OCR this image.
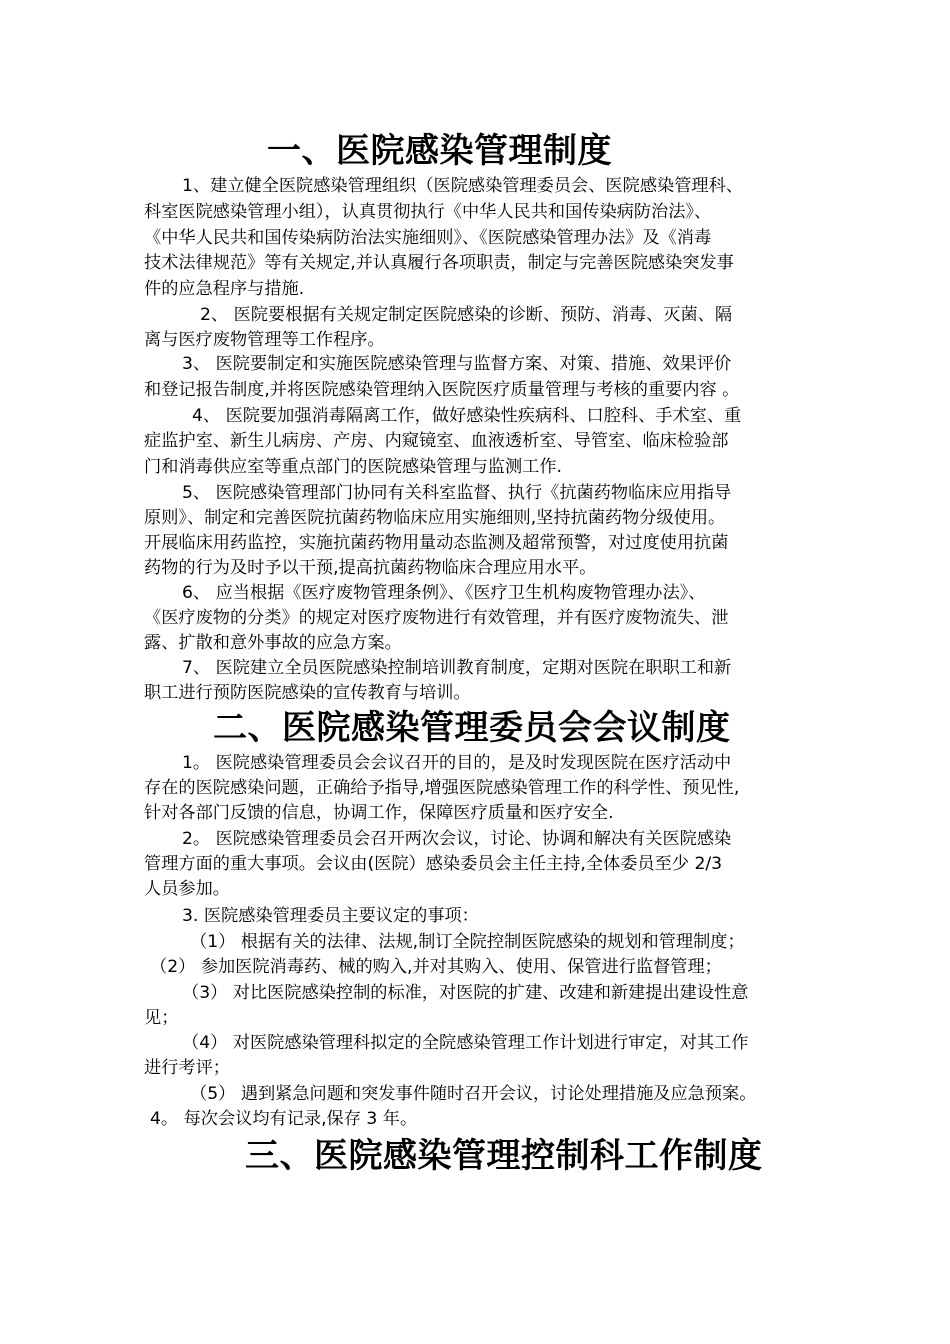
一、医院感染管理制度
1、建立健全医院感染管理组织（医院感染管理委员会、医院感染管理科、
科室医院感染管理小组），认真贯彻执行《中华人民共和国传染病防治法》、
《中华人民共和国传染病防治法实施细则》、《医院感染管理办法》及《消毒
技术法律规范》等有关规定,并认真履行各项职责，制定与完善医院感染突发事
件的应急程序与措施.
2、 医院要根据有关规定制定医院感染的诊断、预防、消毒、灭菌、隔
离与医疗废物管理等工作程序。
3、 医院要制定和实施医院感染管理与监督方案、对策、措施、效果评价
和登记报告制度,并将医院感染管理纳入医院医疗质量管理与考核的重要内容 。
4、 医院要加强消毒隔离工作，做好感染性疾病科、口腔科、手术室、重
症监护室、新生儿病房、产房、内窥镜室、血液透析室、导管室、临床检验部
门和消毒供应室等重点部门的医院感染管理与监测工作.
5、 医院感染管理部门协同有关科室监督、执行《抗菌药物临床应用指导
原则》、制定和完善医院抗菌药物临床应用实施细则,坚持抗菌药物分级使用。
开展临床用药监控，实施抗菌药物用量动态监测及超常预警，对过度使用抗菌
药物的行为及时予以干预,提高抗菌药物临床合理应用水平。
6、 应当根据《医疗废物管理条例》、《医疗卫生机构废物管理办法》、
《医疗废物的分类》的规定对医疗废物进行有效管理，并有医疗废物流失、泄
露、扩散和意外事故的应急方案。
7、 医院建立全员医院感染控制培训教育制度，定期对医院在职职工和新
职工进行预防医院感染的宣传教育与培训。
二、医院感染管理委员会会议制度
1。 医院感染管理委员会会议召开的目的，是及时发现医院在医疗活动中
存在的医院感染问题，正确给予指导,增强医院感染管理工作的科学性、预见性,
针对各部门反馈的信息，协调工作，保障医疗质量和医疗安全.
2。 医院感染管理委员会召开两次会议，讨论、协调和解决有关医院感染
管理方面的重大事项。会议由(医院）感染委员会主任主持,全体委员至少 2/3
人员参加。
3. 医院感染管理委员主要议定的事项：
（1） 根据有关的法律、法规,制订全院控制医院感染的规划和管理制度；
（2） 参加医院消毒药、械的购入,并对其购入、使用、保管进行监督管理；
（3） 对比医院感染控制的标准，对医院的扩建、改建和新建提出建设性意
见；
（4） 对医院感染管理科拟定的全院感染管理工作计划进行审定，对其工作
进行考评；
（5） 遇到紧急问题和突发事件随时召开会议，讨论处理措施及应急预案。
4。 每次会议均有记录,保存 3 年。
三、医院感染管理控制科工作制度
